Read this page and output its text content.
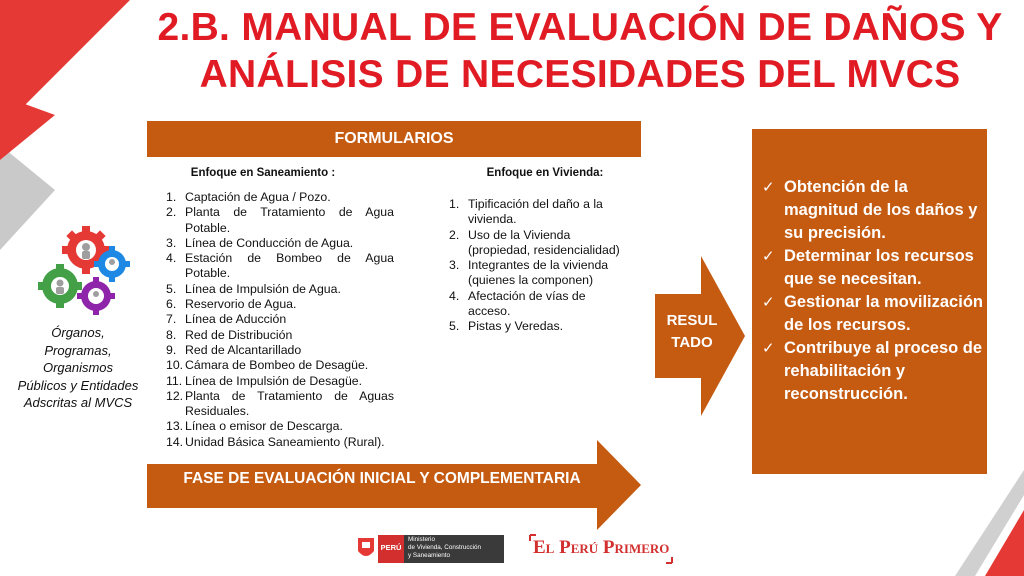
2.B. MANUAL DE EVALUACIÓN DE DAÑOS Y
ANÁLISIS DE NECESIDADES DEL MVCS
FORMULARIOS
Enfoque en Saneamiento :
1. Captación de Agua / Pozo.
2. Planta de Tratamiento de Agua Potable.
3. Línea de Conducción de Agua.
4. Estación de Bombeo de Agua Potable.
5. Línea de Impulsión de Agua.
6. Reservorio de Agua.
7. Línea de Aducción
8. Red de Distribución
9. Red de Alcantarillado
10. Cámara de Bombeo de Desagüe.
11. Línea de Impulsión de Desagüe.
12. Planta de Tratamiento de Aguas Residuales.
13. Línea o emisor de Descarga.
14. Unidad Básica Saneamiento (Rural).
Enfoque en Vivienda:
1. Tipificación del daño a la vivienda.
2. Uso de la Vivienda (propiedad, residencialidad)
3. Integrantes de la vivienda (quienes la componen)
4. Afectación de vías de acceso.
5. Pistas y Veredas.
Órganos,
Programas,
Organismos
Públicos y Entidades
Adscritas al MVCS
FASE DE EVALUACIÓN INICIAL Y COMPLEMENTARIA
RESUL
TADO
✓ Obtención de la magnitud de los daños y su precisión.
✓ Determinar los recursos que se necesitan.
✓ Gestionar la movilización de los recursos.
✓ Contribuye al proceso de rehabilitación y reconstrucción.
PERÚ
Ministerio
de Vivienda, Construcción
y Saneamiento	El Perú Primero
